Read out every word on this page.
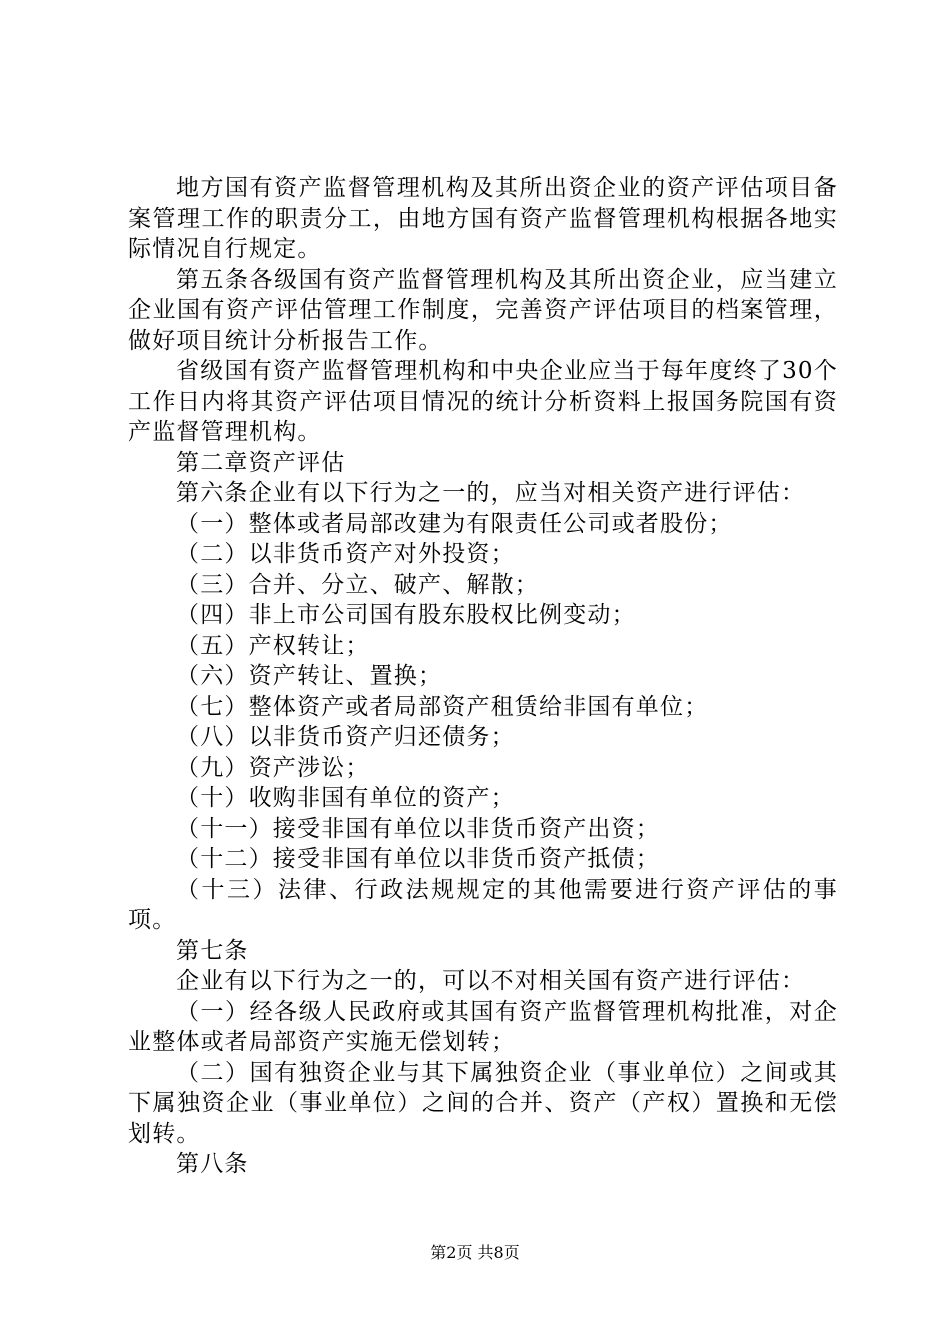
地方国有资产监督管理机构及其所出资企业的资产评估项目备案管理工作的职责分工，由地方国有资产监督管理机构根据各地实际情况自行规定。

第五条各级国有资产监督管理机构及其所出资企业，应当建立企业国有资产评估管理工作制度，完善资产评估项目的档案管理，做好项目统计分析报告工作。

省级国有资产监督管理机构和中央企业应当于每年度终了30个工作日内将其资产评估项目情况的统计分析资料上报国务院国有资产监督管理机构。

第二章资产评估

第六条企业有以下行为之一的，应当对相关资产进行评估：

（一）整体或者局部改建为有限责任公司或者股份；

（二）以非货币资产对外投资；

（三）合并、分立、破产、解散；

（四）非上市公司国有股东股权比例变动；

（五）产权转让；

（六）资产转让、置换；

（七）整体资产或者局部资产租赁给非国有单位；

（八）以非货币资产归还债务；

（九）资产涉讼；

（十）收购非国有单位的资产；

（十一）接受非国有单位以非货币资产出资；

（十二）接受非国有单位以非货币资产抵债；

（十三）法律、行政法规规定的其他需要进行资产评估的事项。

第七条

企业有以下行为之一的，可以不对相关国有资产进行评估：

（一）经各级人民政府或其国有资产监督管理机构批准，对企业整体或者局部资产实施无偿划转；

（二）国有独资企业与其下属独资企业（事业单位）之间或其下属独资企业（事业单位）之间的合并、资产（产权）置换和无偿划转。

第八条

第2页 共8页
